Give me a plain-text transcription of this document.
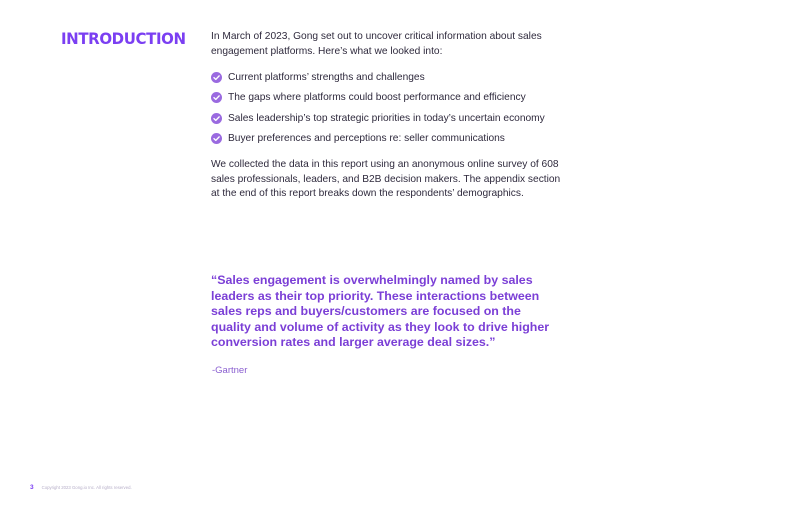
INTRODUCTION In March of 2023, Gong set out to uncover critical information about sales engagement platforms. Here’s what we looked into:

Current platforms’ strengths and challenges
The gaps where platforms could boost performance and efficiency
Sales leadership’s top strategic priorities in today’s uncertain economy
Buyer preferences and perceptions re: seller communications

We collected the data in this report using an anonymous online survey of 608 sales professionals, leaders, and B2B decision makers. The appendix section at the end of this report breaks down the respondents’ demographics.

“Sales engagement is overwhelmingly named by sales leaders as their top priority. These interactions between sales reps and buyers/customers are focused on the quality and volume of activity as they look to drive higher conversion rates and larger average deal sizes.”

-Gartner
3 Copyright 2023 Gong.io Inc. All rights reserved.
